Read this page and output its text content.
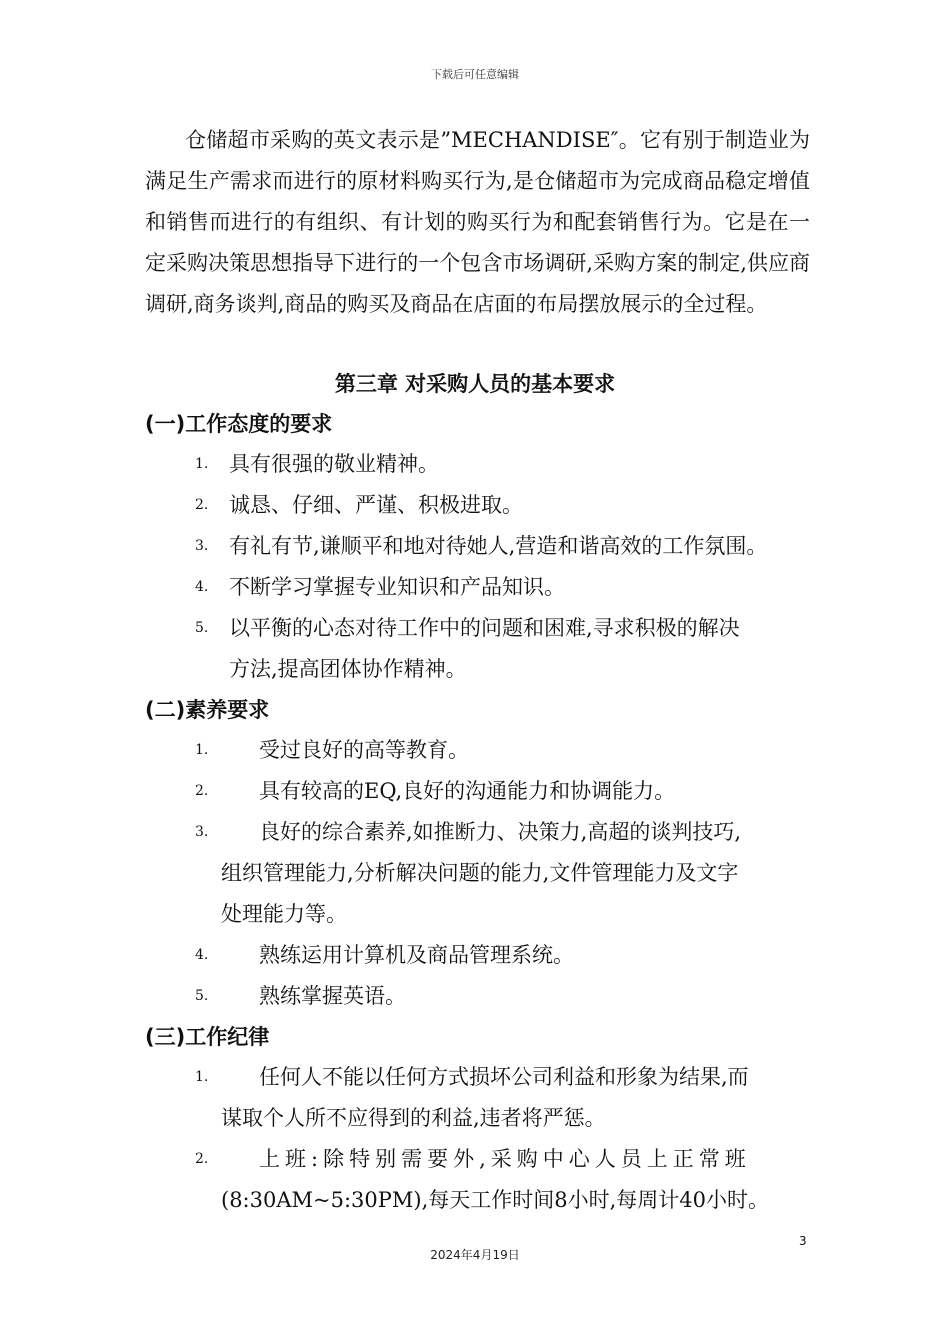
下载后可任意编辑

仓储超市采购的英文表示是”MECHANDISE″。它有别于制造业为满足生产需求而进行的原材料购买行为,是仓储超市为完成商品稳定增值和销售而进行的有组织、有计划的购买行为和配套销售行为。它是在一定采购决策思想指导下进行的一个包含市场调研,采购方案的制定,供应商调研,商务谈判,商品的购买及商品在店面的布局摆放展示的全过程。

第三章 对采购人员的基本要求
(一)工作态度的要求
1. 具有很强的敬业精神。
2. 诚恳、仔细、严谨、积极进取。
3. 有礼有节,谦顺平和地对待她人,营造和谐高效的工作氛围。
4. 不断学习掌握专业知识和产品知识。
5. 以平衡的心态对待工作中的问题和困难,寻求积极的解决
方法,提高团体协作精神。
(二)素养要求
1. 受过良好的高等教育。
2. 具有较高的EQ,良好的沟通能力和协调能力。
3. 良好的综合素养,如推断力、决策力,高超的谈判技巧,
组织管理能力,分析解决问题的能力,文件管理能力及文字
处理能力等。
4. 熟练运用计算机及商品管理系统。
5. 熟练掌握英语。
(三)工作纪律
1. 任何人不能以任何方式损坏公司利益和形象为结果,而
谋取个人所不应得到的利益,违者将严惩。
2. 上班:除特别需要外,采购中心人员上正常班
(8:30AM~5:30PM),每天工作时间8小时,每周计40小时。
3
2024年4月19日
